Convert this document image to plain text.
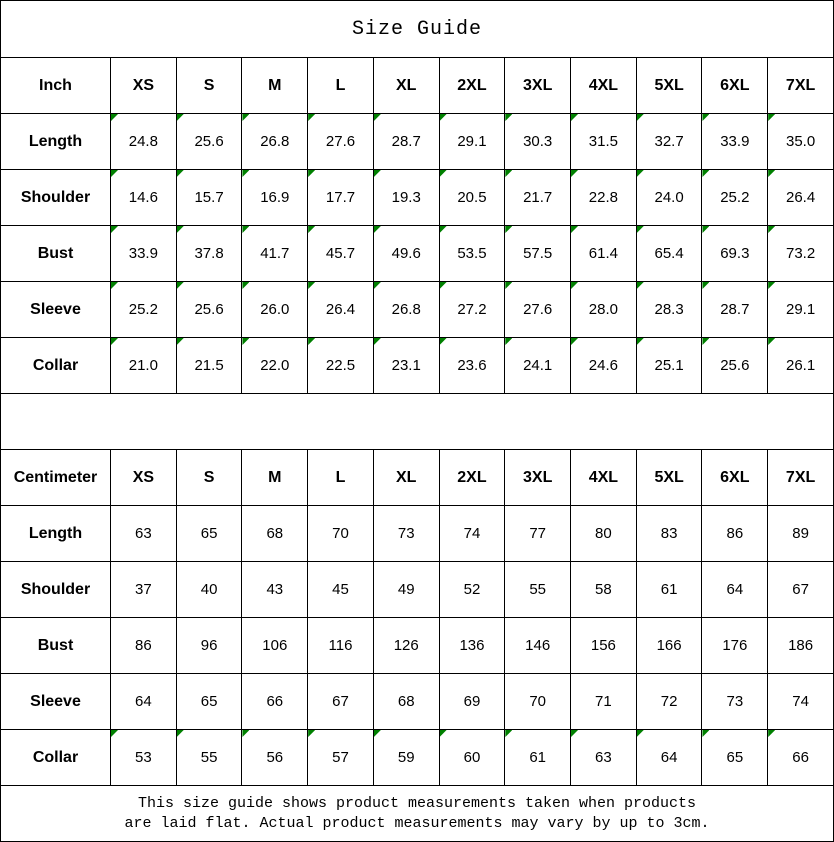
Size Guide											
Inch	XS	S	M	L	XL	2XL	3XL	4XL	5XL	6XL	7XL
Length	24.8	25.6	26.8	27.6	28.7	29.1	30.3	31.5	32.7	33.9	35.0
Shoulder	14.6	15.7	16.9	17.7	19.3	20.5	21.7	22.8	24.0	25.2	26.4
Bust	33.9	37.8	41.7	45.7	49.6	53.5	57.5	61.4	65.4	69.3	73.2
Sleeve	25.2	25.6	26.0	26.4	26.8	27.2	27.6	28.0	28.3	28.7	29.1
Collar	21.0	21.5	22.0	22.5	23.1	23.6	24.1	24.6	25.1	25.6	26.1

Centimeter	XS	S	M	L	XL	2XL	3XL	4XL	5XL	6XL	7XL
Length	63	65	68	70	73	74	77	80	83	86	89
Shoulder	37	40	43	45	49	52	55	58	61	64	67
Bust	86	96	106	116	126	136	146	156	166	176	186
Sleeve	64	65	66	67	68	69	70	71	72	73	74
Collar	53	55	56	57	59	60	61	63	64	65	66

This size guide shows product measurements taken when products
are laid flat. Actual product measurements may vary by up to 3cm.											
